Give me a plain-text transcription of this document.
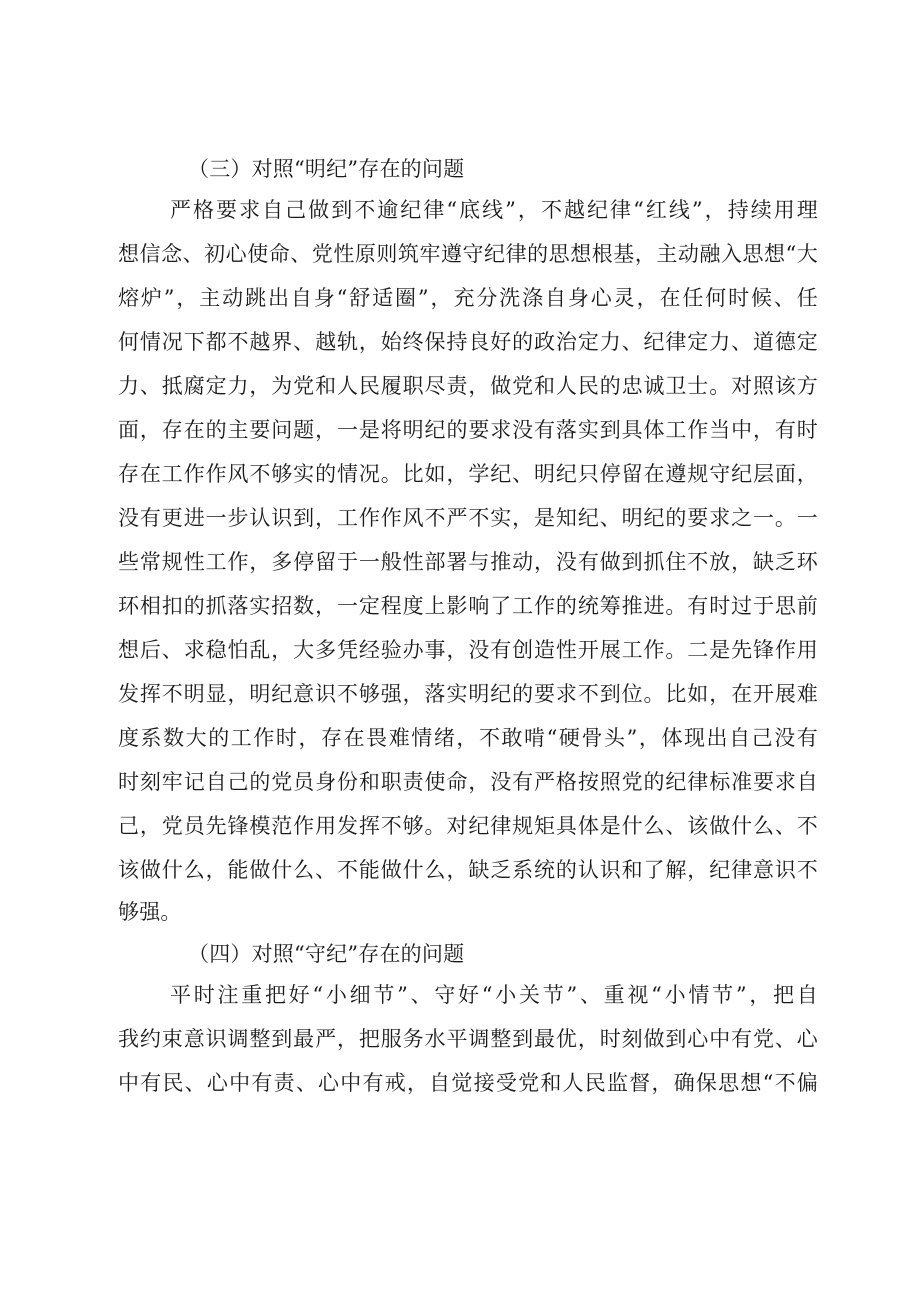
（三）对照“明纪”存在的问题
严格要求自己做到不逾纪律“底线”，不越纪律“红线”，持续用理
想信念、初心使命、党性原则筑牢遵守纪律的思想根基，主动融入思想“大
熔炉”，主动跳出自身“舒适圈”，充分洗涤自身心灵，在任何时候、任
何情况下都不越界、越轨，始终保持良好的政治定力、纪律定力、道德定
力、抵腐定力，为党和人民履职尽责，做党和人民的忠诚卫士。对照该方
面，存在的主要问题，一是将明纪的要求没有落实到具体工作当中，有时
存在工作作风不够实的情况。比如，学纪、明纪只停留在遵规守纪层面，
没有更进一步认识到，工作作风不严不实，是知纪、明纪的要求之一。一
些常规性工作，多停留于一般性部署与推动，没有做到抓住不放，缺乏环
环相扣的抓落实招数，一定程度上影响了工作的统筹推进。有时过于思前
想后、求稳怕乱，大多凭经验办事，没有创造性开展工作。二是先锋作用
发挥不明显，明纪意识不够强，落实明纪的要求不到位。比如，在开展难
度系数大的工作时，存在畏难情绪，不敢啃“硬骨头”，体现出自己没有
时刻牢记自己的党员身份和职责使命，没有严格按照党的纪律标准要求自
己，党员先锋模范作用发挥不够。对纪律规矩具体是什么、该做什么、不
该做什么，能做什么、不能做什么，缺乏系统的认识和了解，纪律意识不
够强。
（四）对照“守纪”存在的问题
平时注重把好“小细节”、守好“小关节”、重视“小情节”，把自
我约束意识调整到最严，把服务水平调整到最优，时刻做到心中有党、心
中有民、心中有责、心中有戒，自觉接受党和人民监督，确保思想“不偏
